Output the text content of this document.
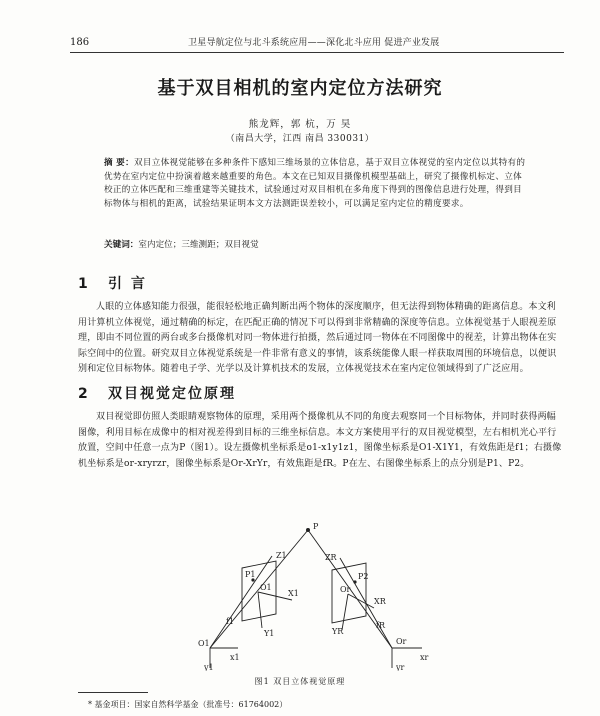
186	卫星导航定位与北斗系统应用——深化北斗应用 促进产业发展
基于双目相机的室内定位方法研究
熊龙辉，郭 杭，万 昊
（南昌大学，江西 南昌 330031）
摘 要：双目立体视觉能够在多种条件下感知三维场景的立体信息，基于双目立体视觉的室内定位以其特有的优势在室内定位中扮演着越来越重要的角色。本文在已知双目摄像机模型基础上，研究了摄像机标定、立体校正的立体匹配和三维重建等关键技术，试验通过对双目相机在多角度下得到的图像信息进行处理，得到目标物体与相机的距离，试验结果证明本文方法测距误差较小，可以满足室内定位的精度要求。
关键词：室内定位；三维测距；双目视觉
1 引 言
人眼的立体感知能力很强，能很轻松地正确判断出两个物体的深度顺序，但无法得到物体精确的距离信息。本文利用计算机立体视觉，通过精确的标定，在匹配正确的情况下可以得到非常精确的深度等信息。立体视觉基于人眼视差原理，即由不同位置的两台或多台摄像机对同一物体进行拍摄，然后通过同一物体在不同图像中的视差，计算出物体在实际空间中的位置。研究双目立体视觉系统是一件非常有意义的事情，该系统能像人眼一样获取周围的环境信息，以便识别和定位目标物体。随着电子学、光学以及计算机技术的发展，立体视觉技术在室内定位领域得到了广泛应用。
2 双目视觉定位原理
双目视觉即仿照人类眼睛观察物体的原理，采用两个摄像机从不同的角度去观察同一个目标物体，并同时获得两幅图像，利用目标在成像中的相对视差得到目标的三维坐标信息。本文方案使用平行的双目视觉模型，左右相机光心平行放置，空间中任意一点为P（图1）。设左摄像机坐标系是o1-x1y1z1，图像坐标系是O1-X1Y1，有效焦距是f1；右摄像机坐标系是or-xryrzr，图像坐标系是Or-XrYr，有效焦距是fR。P在左、右图像坐标系上的点分别是P1、P2。
P
Z1	ZR
P1	P2
O1
X1
Y1
Or
XR
YR
f1	fR
O1
x1
y1
Or
xr
yr
图1 双目立体视觉原理
* 基金项目：国家自然科学基金（批准号：61764002）
